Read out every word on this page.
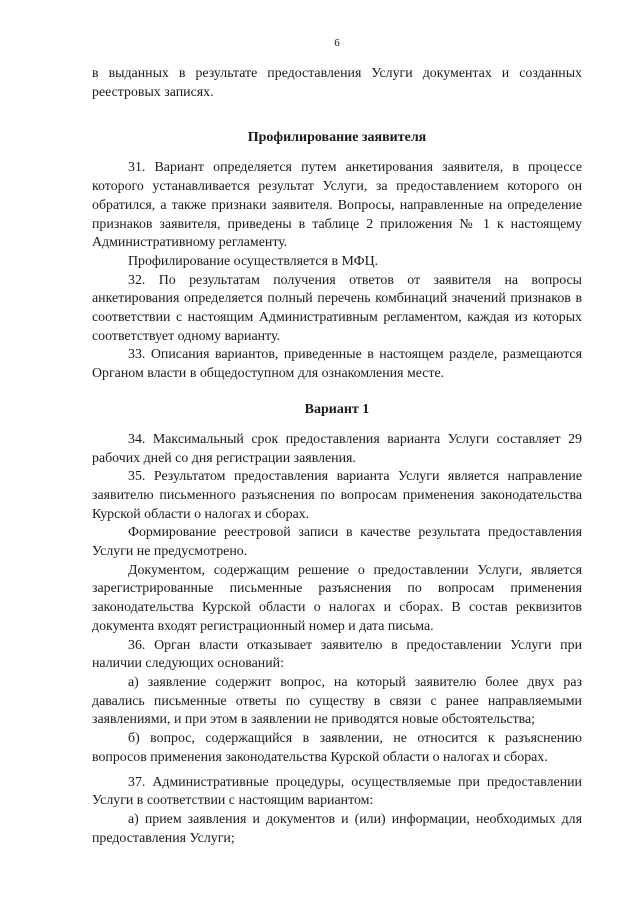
6

в выданных в результате предоставления Услуги документах и созданных реестровых записях.

Профилирование заявителя

31. Вариант определяется путем анкетирования заявителя, в процессе которого устанавливается результат Услуги, за предоставлением которого он обратился, а также признаки заявителя. Вопросы, направленные на определение признаков заявителя, приведены в таблице 2 приложения № 1 к настоящему Административному регламенту.

Профилирование осуществляется в МФЦ.

32. По результатам получения ответов от заявителя на вопросы анкетирования определяется полный перечень комбинаций значений признаков в соответствии с настоящим Административным регламентом, каждая из которых соответствует одному варианту.

33. Описания вариантов, приведенные в настоящем разделе, размещаются Органом власти в общедоступном для ознакомления месте.

Вариант 1

34. Максимальный срок предоставления варианта Услуги составляет 29 рабочих дней со дня регистрации заявления.

35. Результатом предоставления варианта Услуги является направление заявителю письменного разъяснения по вопросам применения законодательства Курской области о налогах и сборах.

Формирование реестровой записи в качестве результата предоставления Услуги не предусмотрено.

Документом, содержащим решение о предоставлении Услуги, является зарегистрированные письменные разъяснения по вопросам применения законодательства Курской области о налогах и сборах. В состав реквизитов документа входят регистрационный номер и дата письма.

36. Орган власти отказывает заявителю в предоставлении Услуги при наличии следующих оснований:

а) заявление содержит вопрос, на который заявителю более двух раз давались письменные ответы по существу в связи с ранее направляемыми заявлениями, и при этом в заявлении не приводятся новые обстоятельства;

б) вопрос, содержащийся в заявлении, не относится к разъяснению вопросов применения законодательства Курской области о налогах и сборах.

37. Административные процедуры, осуществляемые при предоставлении Услуги в соответствии с настоящим вариантом:

а) прием заявления и документов и (или) информации, необходимых для предоставления Услуги;
